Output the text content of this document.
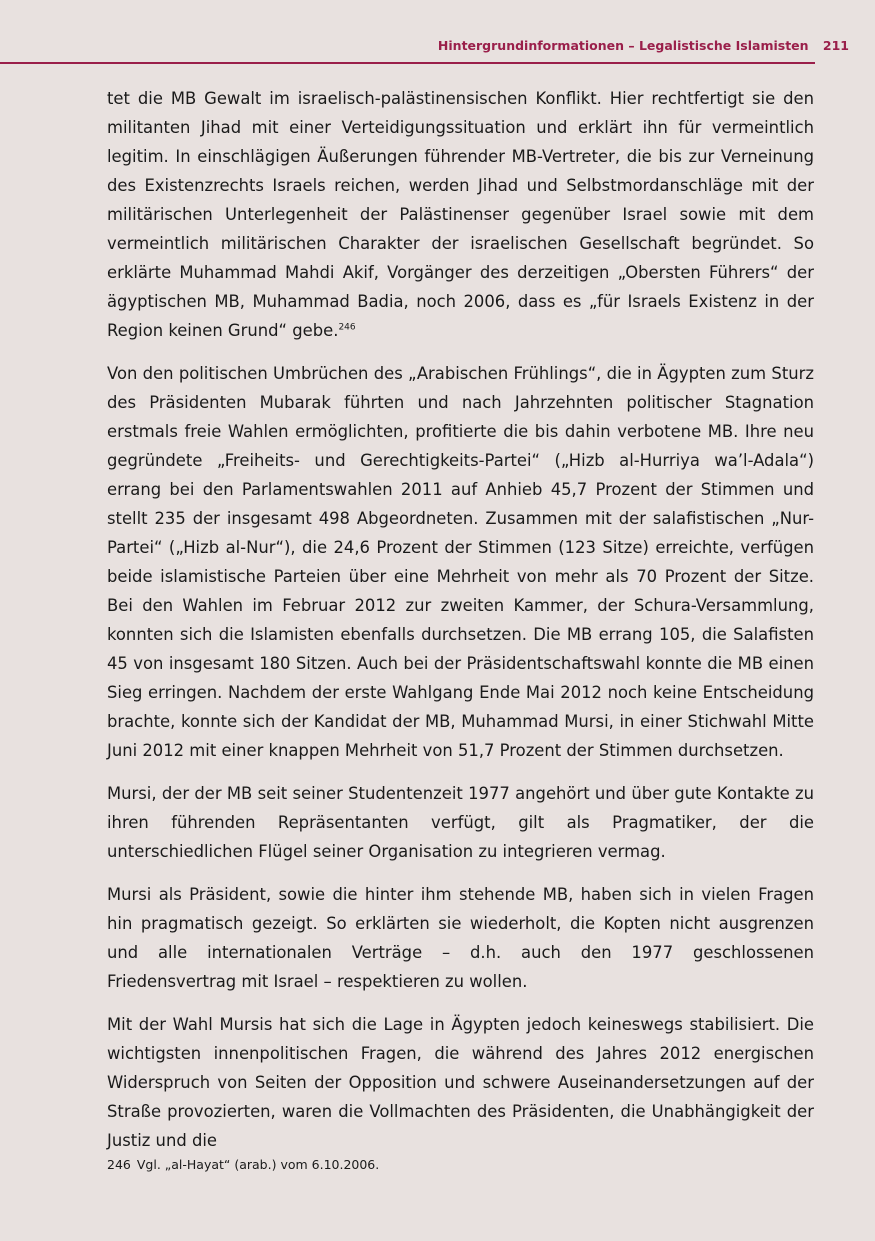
Hintergrundinformationen – Legalistische Islamisten 211

tet die MB Gewalt im israelisch-palästinensischen Konflikt. Hier rechtfertigt sie den militanten Jihad mit einer Verteidigungssituation und erklärt ihn für vermeintlich legitim. In einschlägigen Äußerungen führender MB-Vertreter, die bis zur Verneinung des Existenzrechts Israels reichen, werden Jihad und Selbstmordanschläge mit der militärischen Unterlegenheit der Palästinenser gegenüber Israel sowie mit dem vermeintlich militärischen Charakter der israelischen Gesellschaft begründet. So erklärte Muhammad Mahdi Akif, Vorgänger des derzeitigen „Obersten Führers“ der ägyptischen MB, Muhammad Badia, noch 2006, dass es „für Israels Existenz in der Region keinen Grund“ gebe.$^{246}$

Von den politischen Umbrüchen des „Arabischen Frühlings“, die in Ägypten zum Sturz des Präsidenten Mubarak führten und nach Jahrzehnten politischer Stagnation erstmals freie Wahlen ermöglichten, profitierte die bis dahin verbotene MB. Ihre neu gegründete „Freiheits- und Gerechtigkeits-Partei“ („Hizb al-Hurriya wa’l-Adala“) errang bei den Parlamentswahlen 2011 auf Anhieb 45,7 Prozent der Stimmen und stellt 235 der insgesamt 498 Abgeordneten. Zusammen mit der salafistischen „Nur-Partei“ („Hizb al-Nur“), die 24,6 Prozent der Stimmen (123 Sitze) erreichte, verfügen beide islamistische Parteien über eine Mehrheit von mehr als 70 Prozent der Sitze. Bei den Wahlen im Februar 2012 zur zweiten Kammer, der Schura-Versammlung, konnten sich die Islamisten ebenfalls durchsetzen. Die MB errang 105, die Salafisten 45 von insgesamt 180 Sitzen. Auch bei der Präsidentschaftswahl konnte die MB einen Sieg erringen. Nachdem der erste Wahlgang Ende Mai 2012 noch keine Entscheidung brachte, konnte sich der Kandidat der MB, Muhammad Mursi, in einer Stichwahl Mitte Juni 2012 mit einer knappen Mehrheit von 51,7 Prozent der Stimmen durchsetzen.

Mursi, der der MB seit seiner Studentenzeit 1977 angehört und über gute Kontakte zu ihren führenden Repräsentanten verfügt, gilt als Pragmatiker, der die unterschiedlichen Flügel seiner Organisation zu integrieren vermag.

Mursi als Präsident, sowie die hinter ihm stehende MB, haben sich in vielen Fragen hin pragmatisch gezeigt. So erklärten sie wiederholt, die Kopten nicht ausgrenzen und alle internationalen Verträge – d.h. auch den 1977 geschlossenen Friedensvertrag mit Israel – respektieren zu wollen.

Mit der Wahl Mursis hat sich die Lage in Ägypten jedoch keineswegs stabilisiert. Die wichtigsten innenpolitischen Fragen, die während des Jahres 2012 energischen Widerspruch von Seiten der Opposition und schwere Auseinandersetzungen auf der Straße provozierten, waren die Vollmachten des Präsidenten, die Unabhängigkeit der Justiz und die

246 Vgl. „al-Hayat“ (arab.) vom 6.10.2006.
